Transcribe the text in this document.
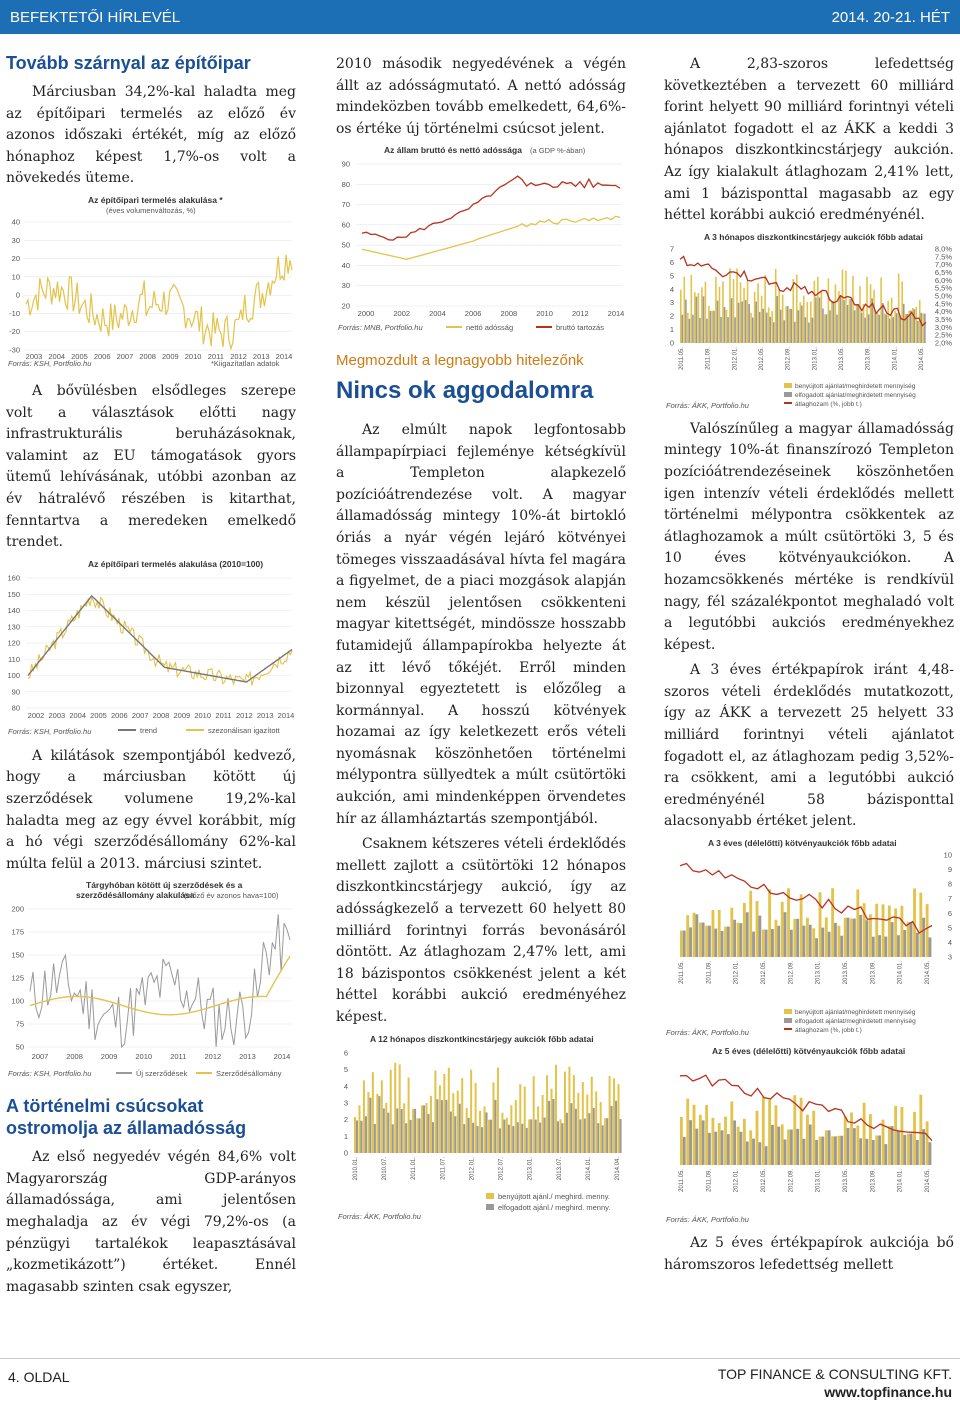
BEFEKTETŐI HÍRLEVÉL	2014. 20-21. HÉT
Tovább szárnyal az építőipar

Márciusban 34,2%-kal haladta meg az építőipari termelés az előző év azonos időszaki értékét, míg az előző hónaphoz képest 1,7%-os volt a növekedés üteme.

Az építőipari termelés alakulása *
(éves volumenváltozás, %)
40
30
20
10
0
-10
-20
-30
2003 2004 2005 2006 2007 2008 2009 2010 2011 2012 2013 2014
Forrás: KSH, Portfolio.hu	*Kiigazítatlan adatok

A bővülésben elsődleges szerepe volt a választások előtti nagy infrastrukturális beruházásoknak, valamint az EU támogatások gyors ütemű lehívásának, utóbbi azonban az év hátralévő részében is kitarthat, fenntartva a meredeken emelkedő trendet.

Az építőipari termelés alakulása (2010=100)
160
150
140
130
120
110
100
90
80
2002 2003 2004 2005 2006 2007 2008 2009 2010 2011 2012 2013 2014
Forrás: KSH, Portfolio.hu	trend	szezonálisan igazított

A kilátások szempontjából kedvező, hogy a márciusban kötött új szerződések volumene 19,2%-kal haladta meg az egy évvel korábbit, míg a hó végi szerződésállomány 62%-kal múlta felül a 2013. márciusi szintet.

Tárgyhóban kötött új szerződések és a
szerződésállomány alakulása
(előző év azonos hava=100)
200
175
150
125
100
75
50
2007 2008 2009 2010 2011 2012 2013 2014
Forrás: KSH, Portfolio.hu	Új szerződések	Szerződésállomány
A történelmi csúcsokat ostromolja az államadósság

Az első negyedév végén 84,6% volt Magyarország GDP-arányos államadóssága, ami jelentősen meghaladja az év végi 79,2%-os (a pénzügyi tartalékok leapasztásával „kozmetikázott”) értéket. Ennél magasabb szinten csak egyszer,

2010 második negyedévének a végén állt az adósságmutató. A nettó adósság mindeközben tovább emelkedett, 64,6%-os értéke új történelmi csúcsot jelent.

Az állam bruttó és nettó adóssága (a GDP %-ában)
90
80
70
60
50
40
30
20
2000	2002	2004	2006	2008	2010	2012	2014
Forrás: MNB, Portfolio.hu	nettó adósság	bruttó tartozás
Megmozdult a legnagyobb hitelezőnk
Nincs ok aggodalomra

Az elmúlt napok legfontosabb állampapírpiaci fejleménye kétségkívül a Templeton alapkezelő pozícióátrendezése volt. A magyar államadósság mintegy 10%-át birtokló óriás a nyár végén lejáró kötvényei tömeges visszaadásával hívta fel magára a figyelmet, de a piaci mozgások alapján nem készül jelentősen csökkenteni magyar kitettségét, mindössze hosszabb futamidejű állampapírokba helyezte át az itt lévő tőkéjét. Erről minden bizonnyal egyeztetett is előzőleg a kormánnyal. A hosszú kötvények hozamai az így keletkezett erős vételi nyomásnak köszönhetően történelmi mélypontra süllyedtek a múlt csütörtöki aukción, ami mindenképpen örvendetes hír az államháztartás szempontjából.

Csaknem kétszeres vételi érdeklődés mellett zajlott a csütörtöki 12 hónapos diszkontkincstárjegy aukció, így az adósságkezelő a tervezett 60 helyett 80 milliárd forintnyi forrás bevonásáról döntött. Az átlaghozam 2,47% lett, ami 18 bázispontos csökkenést jelent a két héttel korábbi aukció eredményéhez képest.

A 12 hónapos diszkontkincstárjegy aukciók főbb adatai
6
5
4
3
2
1
0
2010.01.	2010.07.	2011.01.	2011.07.	2012.01.	2012.07.	2013.01.	2013.07.	2014.01.	2014.04.
Forrás: ÁKK, Portfolio.hu
benyújtott ajánl./ meghird. menny.
elfogadott ajánl./ meghird. menny.

A 2,83-szoros lefedettség következtében a tervezett 60 milliárd forint helyett 90 milliárd forintnyi vételi ajánlatot fogadott el az ÁKK a keddi 3 hónapos diszkontkincstárjegy aukción. Az így kialakult átlaghozam 2,41% lett, ami 1 bázisponttal magasabb az egy héttel korábbi aukció eredményénél.

A 3 hónapos diszkontkincstárjegy aukciók főbb adatai
7
6
5
4
3
2
1
0
8,0%
7,5%
7,0%
6,5%
6,0%
5,5%
5,0%
4,5%
4,0%
3,5%
3,0%
2,5%
2,0%
2011.05.	2011.09.	2012.01.	2012.05.	2012.09.	2013.01.	2013.05.	2013.09.	2014.01.	2014.05.
Forrás: ÁKK, Portfolio.hu
benyújtott ajánlat/meghirdetett mennyiség
elfogadott ajánlat/meghirdetett mennyiség
átlaghozam (%, jobb t.)

Valószínűleg a magyar államadósság mintegy 10%-át finanszírozó Templeton pozícióátrendezéseinek köszönhetően igen intenzív vételi érdeklődés mellett történelmi mélypontra csökkentek az átlaghozamok a múlt csütörtöki 3, 5 és 10 éves kötvényaukciókon. A hozamcsökkenés mértéke is rendkívül nagy, fél százalékpontot meghaladó volt a legutóbbi aukciós eredményekhez képest.

A 3 éves értékpapírok iránt 4,48-szoros vételi érdeklődés mutatkozott, így az ÁKK a tervezett 25 helyett 33 milliárd forintnyi vételi ajánlatot fogadott el, az átlaghozam pedig 3,52%-ra csökkent, ami a legutóbbi aukció eredményénél 58 bázisponttal alacsonyabb értéket jelent.

A 3 éves (délelőtti) kötvényaukciók főbb adatai
10
9
8
7
6
5
4
3
2011.05.	2011.09.	2012.01.	2012.05.	2012.09.	2013.01.	2013.05.	2013.09.	2014.01.	2014.05.
benyújtott ajánlat/meghirdetett mennyiség
elfogadott ajánlat/meghirdetett mennyiség
átlaghozam (%, jobb t.)
Forrás: ÁKK, Portfolio.hu
Az 5 éves (délelőtti) kötvényaukciók főbb adatai
2011.05.	2011.09.	2012.01.	2012.05.	2012.09.	2013.01.	2013.05.	2013.09.	2014.01.	2014.05.
Forrás: ÁKK, Portfolio.hu

Az 5 éves értékpapírok aukciója bő háromszoros lefedettség mellett

4. OLDAL	TOP FINANCE & CONSULTING KFT.
www.topfinance.hu
